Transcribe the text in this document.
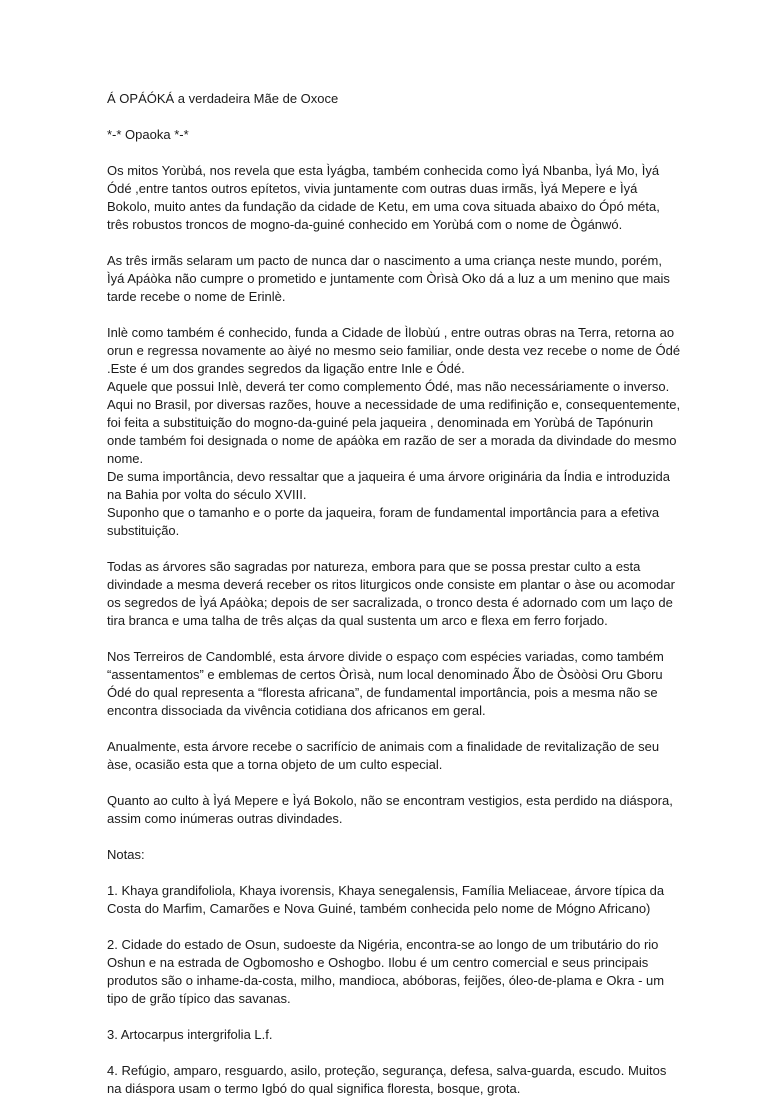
Á OPÁÓKÁ a verdadeira Mãe de Oxoce
*-* Opaoka *-*
Os mitos Yorùbá, nos revela que esta Ìyágba, também conhecida como Ìyá Nbanba, Ìyá Mo, Ìyá
Ódé ,entre tantos outros epítetos, vivia juntamente com outras duas irmãs, Ìyá Mepere e Ìyá
Bokolo, muito antes da fundação da cidade de Ketu, em uma cova situada abaixo do Ópó méta,
três robustos troncos de mogno-da-guiné conhecido em Yorùbá com o nome de Ògánwó.
As três irmãs selaram um pacto de nunca dar o nascimento a uma criança neste mundo, porém,
Ìyá Apáòka não cumpre o prometido e juntamente com Òrìsà Oko dá a luz a um menino que mais
tarde recebe o nome de Erinlè.
Inlè como também é conhecido, funda a Cidade de Ìlobùú , entre outras obras na Terra, retorna ao
orun e regressa novamente ao àiyé no mesmo seio familiar, onde desta vez recebe o nome de Ódé
.Este é um dos grandes segredos da ligação entre Inle e Ódé.
Aquele que possui Inlè, deverá ter como complemento Ódé, mas não necessáriamente o inverso.
Aqui no Brasil, por diversas razões, houve a necessidade de uma redifinição e, consequentemente,
foi feita a substituição do mogno-da-guiné pela jaqueira , denominada em Yorùbá de Tapónurin
onde também foi designada o nome de apáòka em razão de ser a morada da divindade do mesmo
nome.
De suma importância, devo ressaltar que a jaqueira é uma árvore originária da Índia e introduzida
na Bahia por volta do século XVIII.
Suponho que o tamanho e o porte da jaqueira, foram de fundamental importância para a efetiva
substituição.
Todas as árvores são sagradas por natureza, embora para que se possa prestar culto a esta
divindade a mesma deverá receber os ritos liturgicos onde consiste em plantar o àse ou acomodar
os segredos de Ìyá Apáòka; depois de ser sacralizada, o tronco desta é adornado com um laço de
tira branca e uma talha de três alças da qual sustenta um arco e flexa em ferro forjado.
Nos Terreiros de Candomblé, esta árvore divide o espaço com espécies variadas, como também
“assentamentos” e emblemas de certos Òrìsà, num local denominado Ãbo de Òsòòsi Oru Gboru
Ódé do qual representa a “floresta africana”, de fundamental importância, pois a mesma não se
encontra dissociada da vivência cotidiana dos africanos em geral.
Anualmente, esta árvore recebe o sacrifício de animais com a finalidade de revitalização de seu
àse, ocasião esta que a torna objeto de um culto especial.
Quanto ao culto à Ìyá Mepere e Ìyá Bokolo, não se encontram vestigios, esta perdido na diáspora,
assim como inúmeras outras divindades.
Notas:
1. Khaya grandifoliola, Khaya ivorensis, Khaya senegalensis, Família Meliaceae, árvore típica da
Costa do Marfim, Camarões e Nova Guiné, também conhecida pelo nome de Mógno Africano)
2. Cidade do estado de Osun, sudoeste da Nigéria, encontra-se ao longo de um tributário do rio
Oshun e na estrada de Ogbomosho e Oshogbo. Ilobu é um centro comercial e seus principais
produtos são o inhame-da-costa, milho, mandioca, abóboras, feijões, óleo-de-plama e Okra - um
tipo de grão típico das savanas.
3. Artocarpus intergrifolia L.f.
4. Refúgio, amparo, resguardo, asilo, proteção, segurança, defesa, salva-guarda, escudo. Muitos
na diáspora usam o termo Igbó do qual significa floresta, bosque, grota.
